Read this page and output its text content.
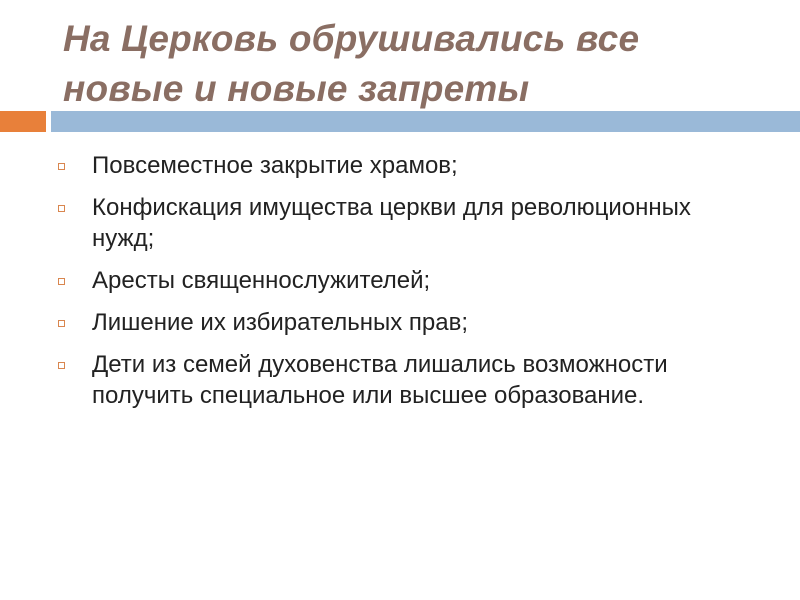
На Церковь обрушивались все
новые и новые запреты
Повсеместное закрытие храмов;
Конфискация имущества церкви для революционных нужд;
Аресты священнослужителей;
Лишение их избирательных прав;
Дети из семей духовенства лишались возможности получить специальное или высшее образование.
